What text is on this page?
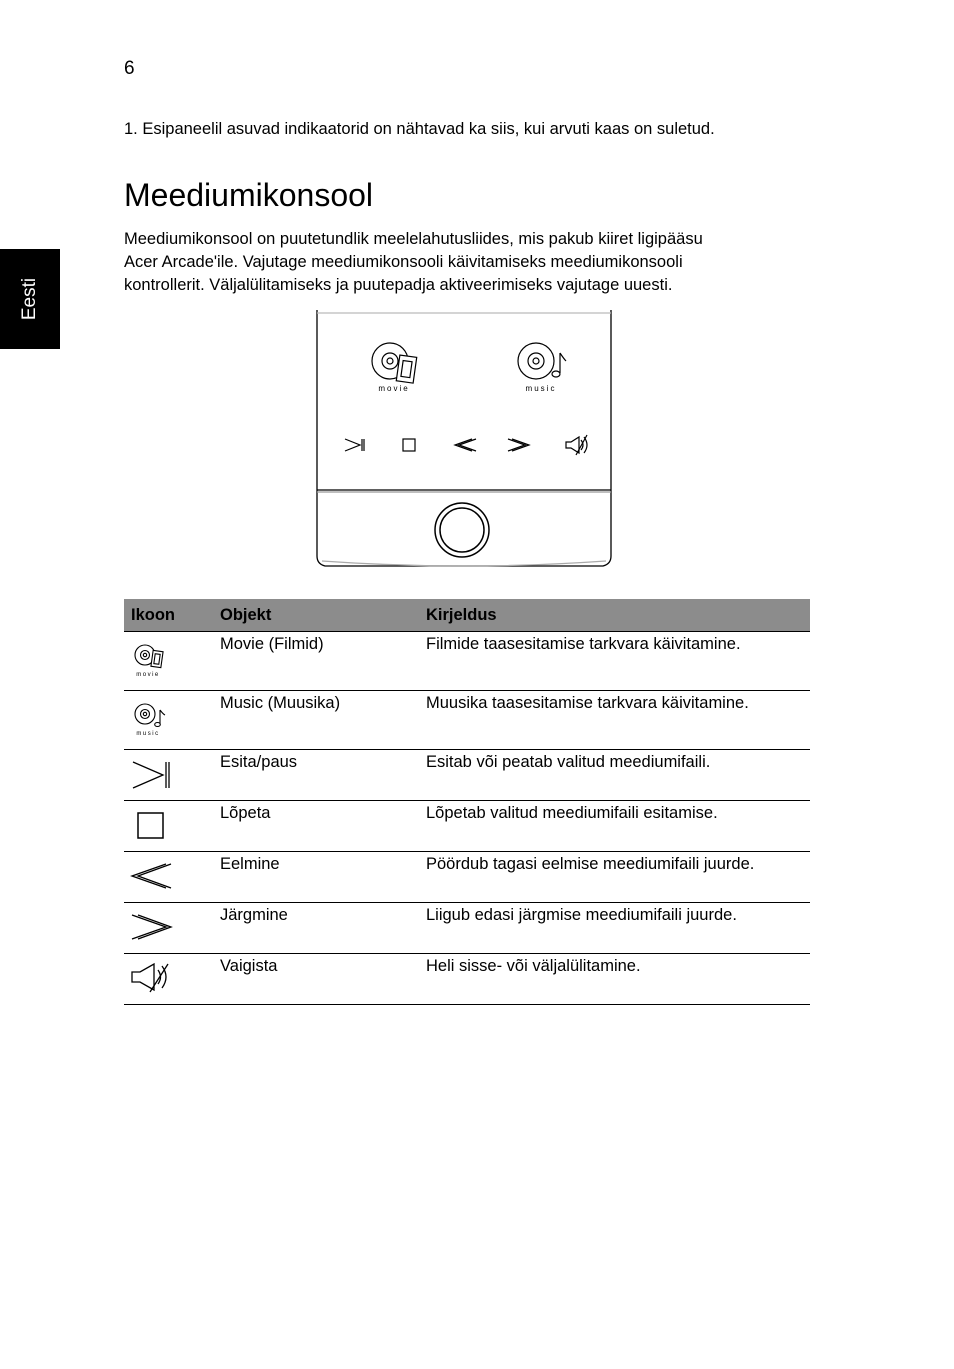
6
Eesti
1. Esipaneelil asuvad indikaatorid on nähtavad ka siis, kui arvuti kaas on suletud.
Meediumikonsool

Meediumikonsool on puutetundlik meelelahutusliides, mis pakub kiiret ligipääsu
Acer Arcade'ile. Vajutage meediumikonsooli käivitamiseks meediumikonsooli
kontrollerit. Väljalülitamiseks ja puutepadja aktiveerimiseks vajutage uuesti.

movie	music
Ikoon	Objekt	Kirjeldus

movie	Movie (Filmid)	Filmide taasesitamise tarkvara käivitamine.

music	Music (Muusika)	Muusika taasesitamise tarkvara käivitamine.

	Esita/paus	Esitab või peatab valitud meediumifaili.

	Lõpeta	Lõpetab valitud meediumifaili esitamise.

	Eelmine	Pöördub tagasi eelmise meediumifaili juurde.

	Järgmine	Liigub edasi järgmise meediumifaili juurde.

	Vaigista	Heli sisse- või väljalülitamine.
